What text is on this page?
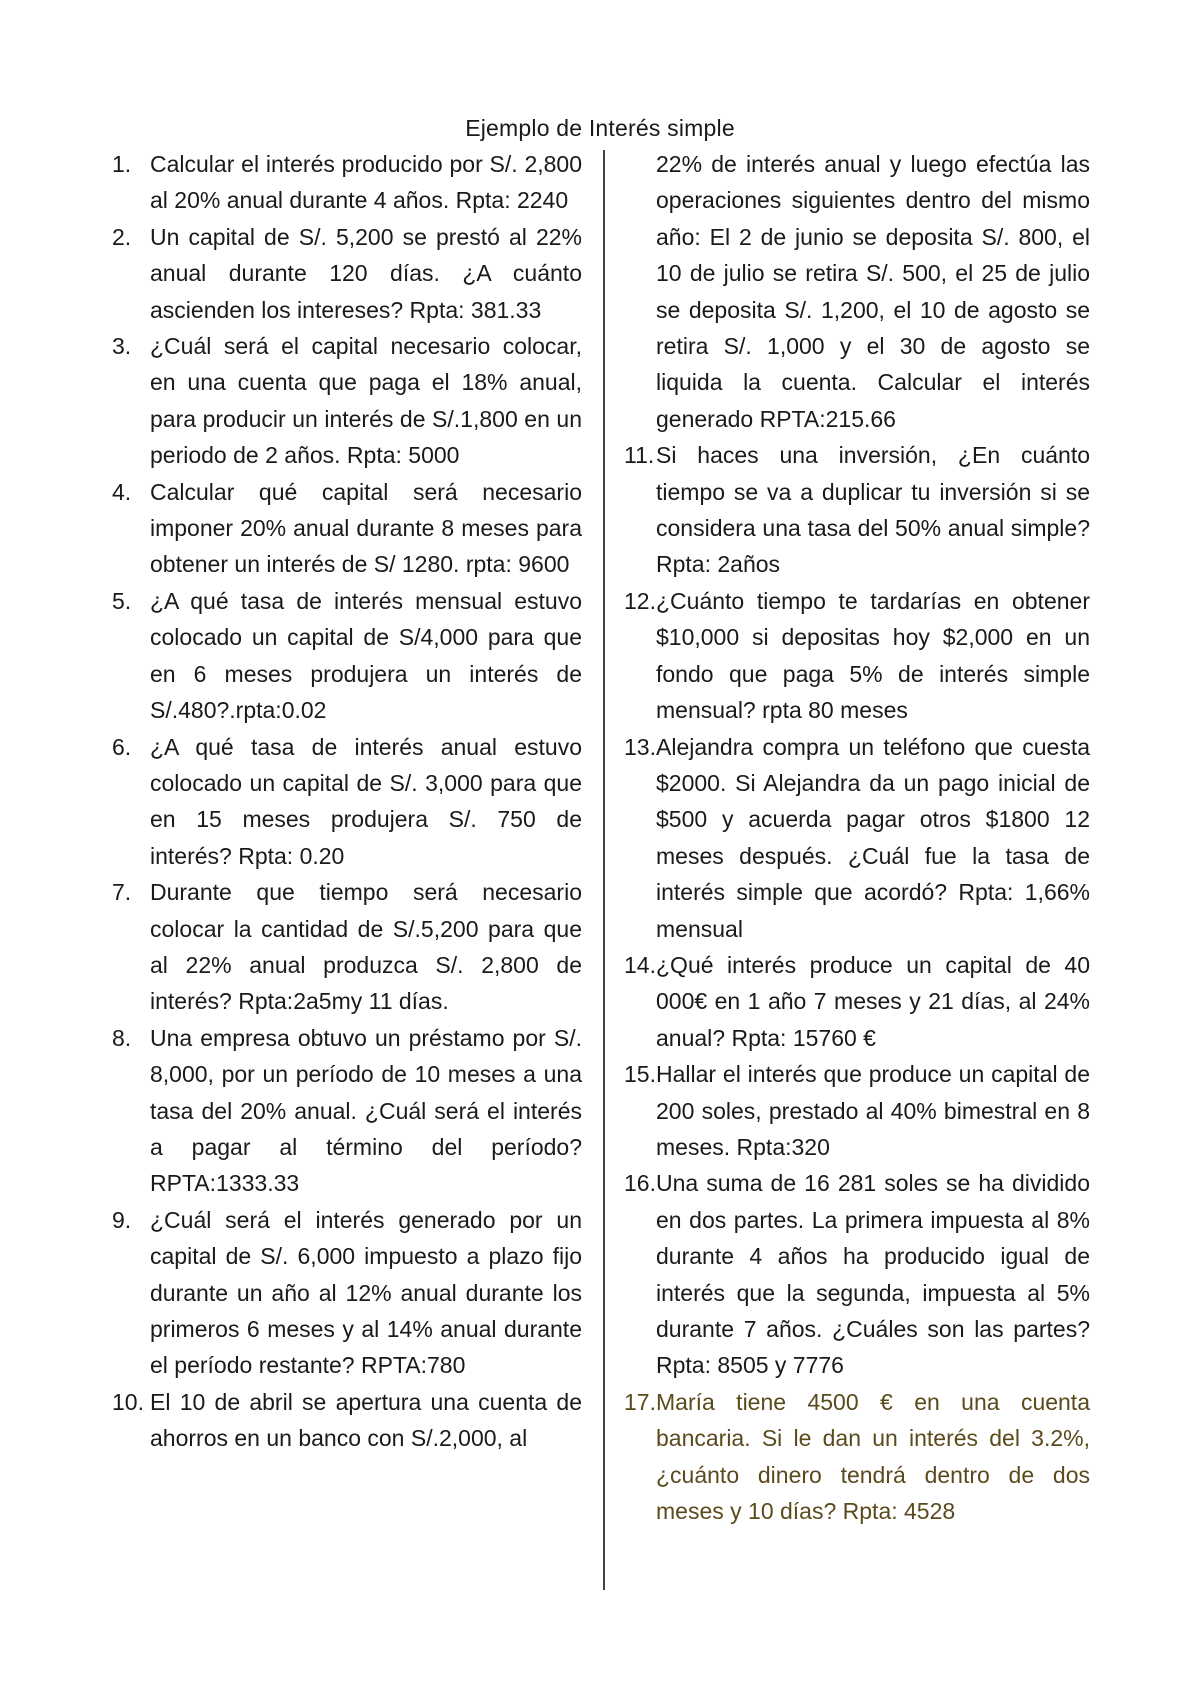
Ejemplo de Interés simple
1. Calcular el interés producido por S/. 2,800 al 20% anual durante 4 años. Rpta: 2240
2. Un capital de S/. 5,200 se prestó al 22% anual durante 120 días. ¿A cuánto ascienden los intereses? Rpta: 381.33
3. ¿Cuál será el capital necesario colocar, en una cuenta que paga el 18% anual, para producir un interés de S/.1,800 en un periodo de 2 años. Rpta: 5000
4. Calcular qué capital será necesario imponer 20% anual durante 8 meses para obtener un interés de S/ 1280. rpta: 9600
5. ¿A qué tasa de interés mensual estuvo colocado un capital de S/4,000 para que en 6 meses produjera un interés de S/.480?.rpta:0.02
6. ¿A qué tasa de interés anual estuvo colocado un capital de S/. 3,000 para que en 15 meses produjera S/. 750 de interés? Rpta: 0.20
7. Durante que tiempo será necesario colocar la cantidad de S/.5,200 para que al 22% anual produzca S/. 2,800 de interés? Rpta:2a5my 11 días.
8. Una empresa obtuvo un préstamo por S/. 8,000, por un período de 10 meses a una tasa del 20% anual. ¿Cuál será el interés a pagar al término del período? RPTA:1333.33
9. ¿Cuál será el interés generado por un capital de S/. 6,000 impuesto a plazo fijo durante un año al 12% anual durante los primeros 6 meses y al 14% anual durante el período restante? RPTA:780
10. El 10 de abril se apertura una cuenta de ahorros en un banco con S/.2,000, al
22% de interés anual y luego efectúa las operaciones siguientes dentro del mismo año: El 2 de junio se deposita S/. 800, el 10 de julio se retira S/. 500, el 25 de julio se deposita S/. 1,200, el 10 de agosto se retira S/. 1,000 y el 30 de agosto se liquida la cuenta. Calcular el interés generado RPTA:215.66
11. Si haces una inversión, ¿En cuánto tiempo se va a duplicar tu inversión si se considera una tasa del 50% anual simple? Rpta: 2años
12. ¿Cuánto tiempo te tardarías en obtener $10,000 si depositas hoy $2,000 en un fondo que paga 5% de interés simple mensual? rpta 80 meses
13. Alejandra compra un teléfono que cuesta $2000. Si Alejandra da un pago inicial de $500 y acuerda pagar otros $1800 12 meses después. ¿Cuál fue la tasa de interés simple que acordó? Rpta: 1,66% mensual
14. ¿Qué interés produce un capital de 40 000€ en 1 año 7 meses y 21 días, al 24% anual? Rpta: 15760 €
15. Hallar el interés que produce un capital de 200 soles, prestado al 40% bimestral en 8 meses. Rpta:320
16. Una suma de 16 281 soles se ha dividido en dos partes. La primera impuesta al 8% durante 4 años ha producido igual de interés que la segunda, impuesta al 5% durante 7 años. ¿Cuáles son las partes? Rpta: 8505 y 7776
17. María tiene 4500 € en una cuenta bancaria. Si le dan un interés del 3.2%, ¿cuánto dinero tendrá dentro de dos meses y 10 días? Rpta: 4528
